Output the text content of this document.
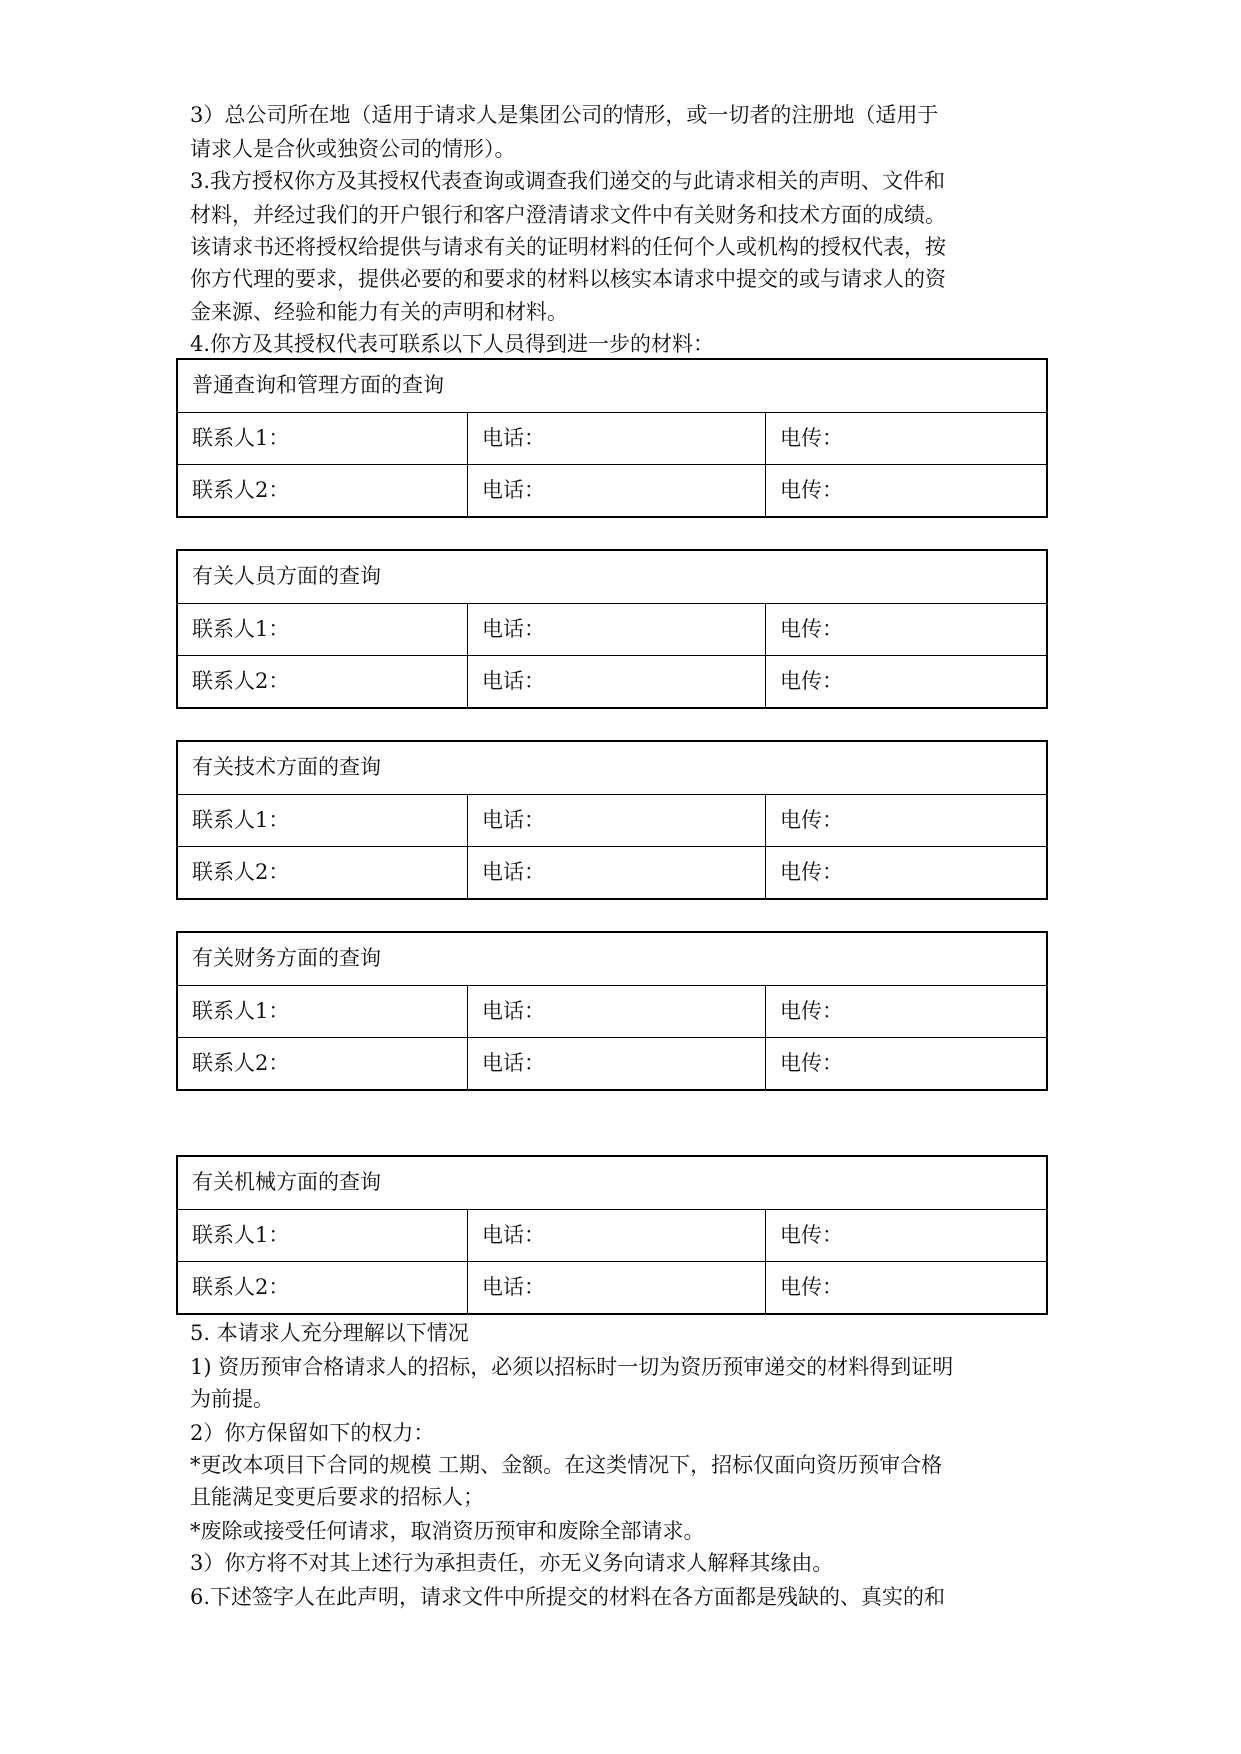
3）总公司所在地（适用于请求人是集团公司的情形，或一切者的注册地（适用于

请求人是合伙或独资公司的情形）。

3.我方授权你方及其授权代表查询或调查我们递交的与此请求相关的声明、文件和

材料，并经过我们的开户银行和客户澄清请求文件中有关财务和技术方面的成绩。

该请求书还将授权给提供与请求有关的证明材料的任何个人或机构的授权代表，按

你方代理的要求，提供必要的和要求的材料以核实本请求中提交的或与请求人的资

金来源、经验和能力有关的声明和材料。

4.你方及其授权代表可联系以下人员得到进一步的材料：

普通查询和管理方面的查询
联系人1：	电话：	电传：
联系人2：	电话：	电传：
有关人员方面的查询
联系人1：	电话：	电传：
联系人2：	电话：	电传：
有关技术方面的查询
联系人1：	电话：	电传：
联系人2：	电话：	电传：
有关财务方面的查询
联系人1：	电话：	电传：
联系人2：	电话：	电传：
有关机械方面的查询
联系人1：	电话：	电传：
联系人2：	电话：	电传：

5. 本请求人充分理解以下情况

1) 资历预审合格请求人的招标，必须以招标时一切为资历预审递交的材料得到证明

为前提。

2）你方保留如下的权力：

*更改本项目下合同的规模 工期、金额。在这类情况下，招标仅面向资历预审合格

且能满足变更后要求的招标人；

*废除或接受任何请求，取消资历预审和废除全部请求。

3）你方将不对其上述行为承担责任，亦无义务向请求人解释其缘由。

6.下述签字人在此声明，请求文件中所提交的材料在各方面都是残缺的、真实的和
